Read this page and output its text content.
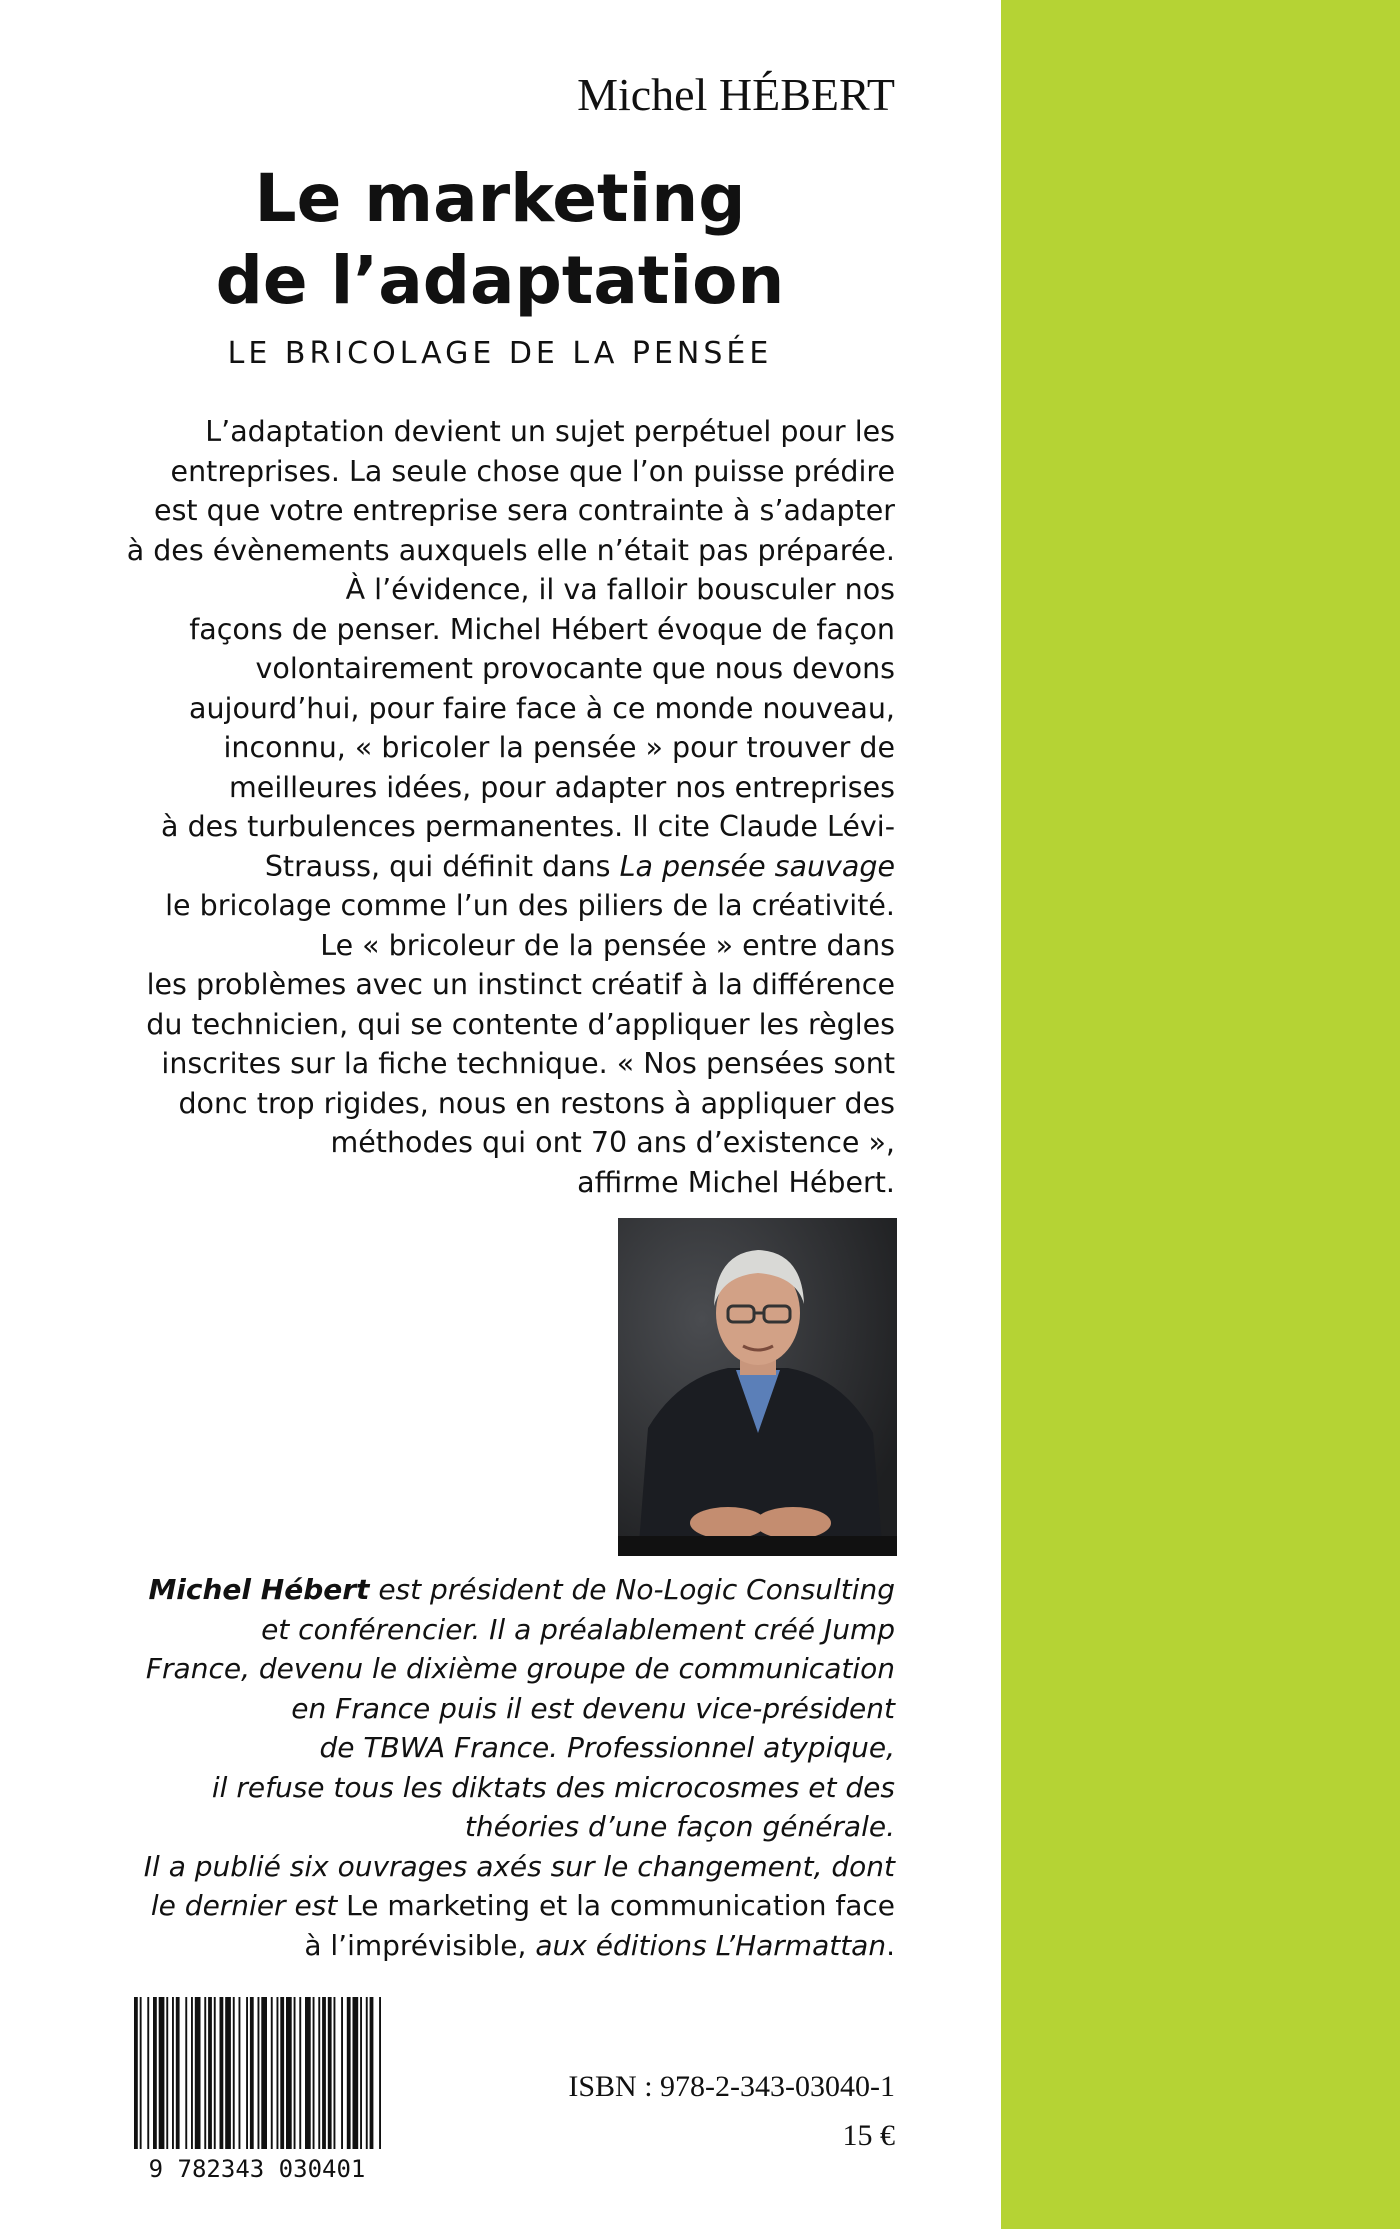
Michel HÉBERT
Le marketing
de l’adaptation
LE BRICOLAGE DE LA PENSÉE
L’adaptation devient un sujet perpétuel pour les
entreprises. La seule chose que l’on puisse prédire
est que votre entreprise sera contrainte à s’adapter
à des évènements auxquels elle n’était pas préparée.
À l’évidence, il va falloir bousculer nos
façons de penser. Michel Hébert évoque de façon
volontairement provocante que nous devons
aujourd’hui, pour faire face à ce monde nouveau,
inconnu, « bricoler la pensée » pour trouver de
meilleures idées, pour adapter nos entreprises
à des turbulences permanentes. Il cite Claude Lévi-
Strauss, qui définit dans La pensée sauvage
le bricolage comme l’un des piliers de la créativité.
Le « bricoleur de la pensée » entre dans
les problèmes avec un instinct créatif à la différence
du technicien, qui se contente d’appliquer les règles
inscrites sur la fiche technique. « Nos pensées sont
donc trop rigides, nous en restons à appliquer des
méthodes qui ont 70 ans d’existence »,
affirme Michel Hébert.
Michel Hébert est président de No-Logic Consulting
et conférencier. Il a préalablement créé Jump
France, devenu le dixième groupe de communication
en France puis il est devenu vice-président
de TBWA France. Professionnel atypique,
il refuse tous les diktats des microcosmes et des
théories d’une façon générale.
Il a publié six ouvrages axés sur le changement, dont
le dernier est Le marketing et la communication face
à l’imprévisible, aux éditions L’Harmattan.
9 782343 030401
ISBN : 978-2-343-03040-1
15 €
